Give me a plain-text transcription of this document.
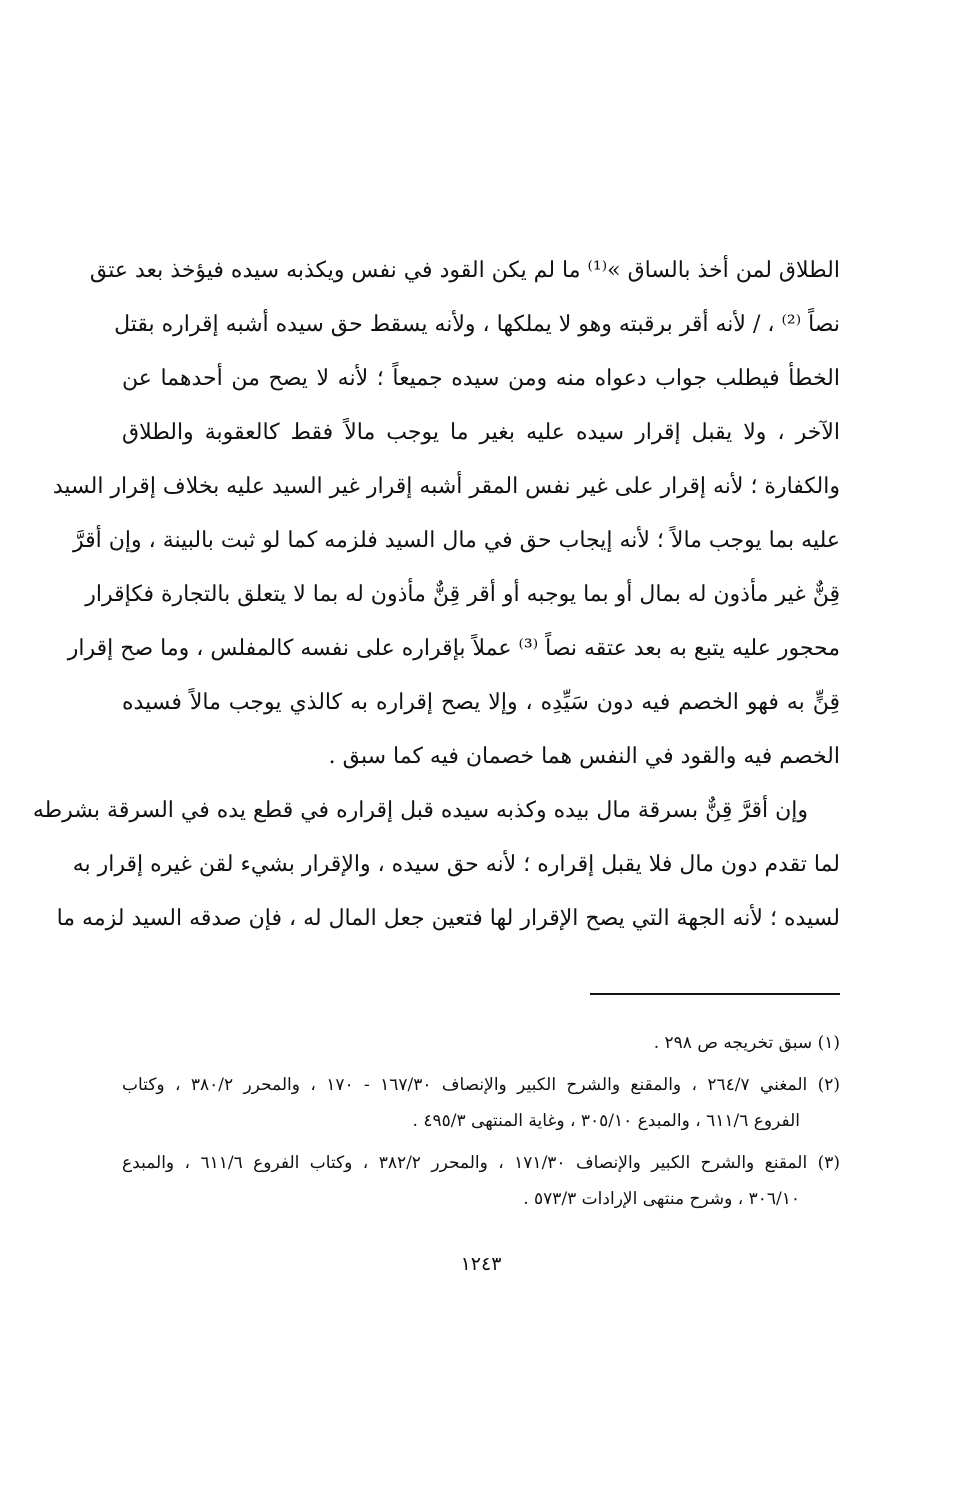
الطلاق لمن أخذ بالساق »⁽¹⁾ ما لم يكن القود في نفس ويكذبه سيده فيؤخذ بعد عتق
نصاً ⁽²⁾ ، / لأنه أقر برقبته وهو لا يملكها ، ولأنه يسقط حق سيده أشبه إقراره بقتل
الخطأ فيطلب جواب دعواه منه ومن سيده جميعاً ؛ لأنه لا يصح من أحدهما عن
الآخر ، ولا يقبل إقرار سيده عليه بغير ما يوجب مالاً فقط كالعقوبة والطلاق
والكفارة ؛ لأنه إقرار على غير نفس المقر أشبه إقرار غير السيد عليه بخلاف إقرار السيد
عليه بما يوجب مالاً ؛ لأنه إيجاب حق في مال السيد فلزمه كما لو ثبت بالبينة ، وإن أقرَّ
قِنٌّ غير مأذون له بمال أو بما يوجبه أو أقر قِنٌّ مأذون له بما لا يتعلق بالتجارة فكإقرار
محجور عليه يتبع به بعد عتقه نصاً ⁽³⁾ عملاً بإقراره على نفسه كالمفلس ، وما صح إقرار
قِنٍّ به فهو الخصم فيه دون سَيِّدِه ، وإلا يصح إقراره به كالذي يوجب مالاً فسيده
الخصم فيه والقود في النفس هما خصمان فيه كما سبق .
وإن أقرَّ قِنٌّ بسرقة مال بيده وكذبه سيده قبل إقراره في قطع يده في السرقة بشرطه
لما تقدم دون مال فلا يقبل إقراره ؛ لأنه حق سيده ، والإقرار بشيء لقن غيره إقرار به
لسيده ؛ لأنه الجهة التي يصح الإقرار لها فتعين جعل المال له ، فإن صدقه السيد لزمه ما
(١) سبق تخريجه ص ٢٩٨ .
(٢) المغني ٢٦٤/٧ ، والمقنع والشرح الكبير والإنصاف ١٦٧/٣٠ - ١٧٠ ، والمحرر ٣٨٠/٢ ، وكتاب
الفروع ٦١١/٦ ، والمبدع ٣٠٥/١٠ ، وغاية المنتهى ٤٩٥/٣ .
(٣) المقنع والشرح الكبير والإنصاف ١٧١/٣٠ ، والمحرر ٣٨٢/٢ ، وكتاب الفروع ٦١١/٦ ، والمبدع
٣٠٦/١٠ ، وشرح منتهى الإرادات ٥٧٣/٣ .
١٢٤٣
